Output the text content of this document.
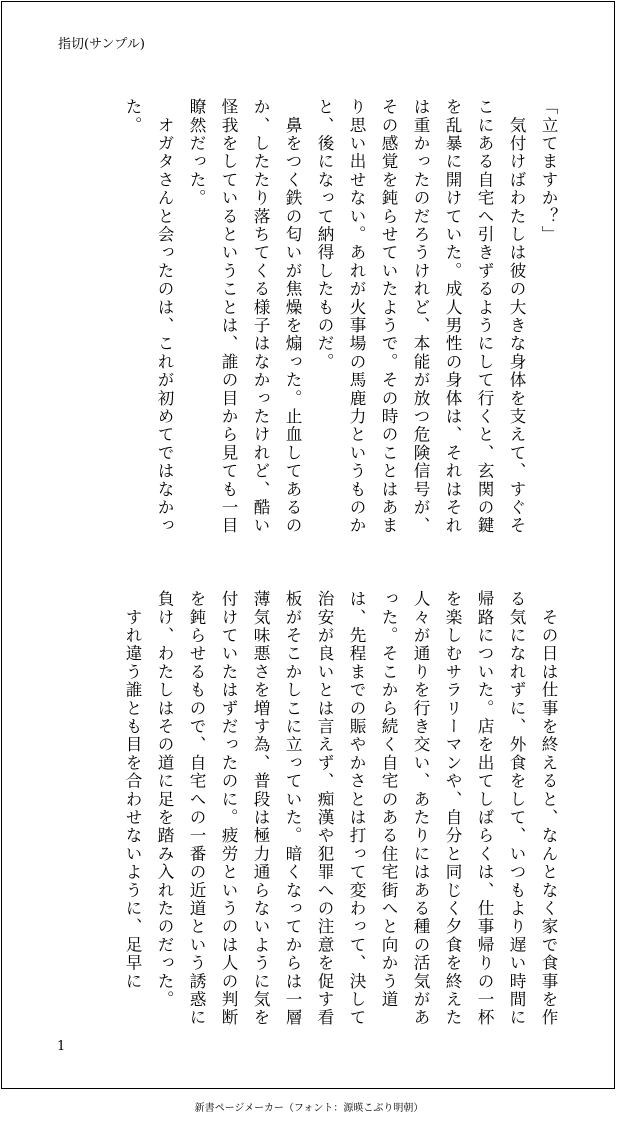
指切(サンプル)

「立てますか？」

　気付けばわたしは彼の大きな身体を支えて、すぐそこにある自宅へ引きずるようにして行くと、玄関の鍵を乱暴に開けていた。成人男性の身体は、それはそれは重かったのだろうけれど、本能が放つ危険信号が、その感覚を鈍らせていたようで。その時のことはあまり思い出せない。あれが火事場の馬鹿力というものかと、後になって納得したものだ。

　鼻をつく鉄の匂いが焦燥を煽った。止血してあるのか、したたり落ちてくる様子はなかったけれど、酷い怪我をしているということは、誰の目から見ても一目瞭然だった。

　オガタさんと会ったのは、これが初めてではなかった。

　その日は仕事を終えると、なんとなく家で食事を作る気になれずに、外食をして、いつもより遅い時間に帰路についた。店を出てしばらくは、仕事帰りの一杯を楽しむサラリーマンや、自分と同じく夕食を終えた人々が通りを行き交い、あたりにはある種の活気があった。そこから続く自宅のある住宅街へと向かう道は、先程までの賑やかさとは打って変わって、決して治安が良いとは言えず、痴漢や犯罪への注意を促す看板がそこかしこに立っていた。暗くなってからは一層薄気味悪さを増す為、普段は極力通らないように気を付けていたはずだったのに。疲労というのは人の判断を鈍らせるもので、自宅への一番の近道という誘惑に負け、わたしはその道に足を踏み入れたのだった。

　すれ違う誰とも目を合わせないように、足早に

1
新書ページメーカー（フォント：源暎こぶり明朝）
